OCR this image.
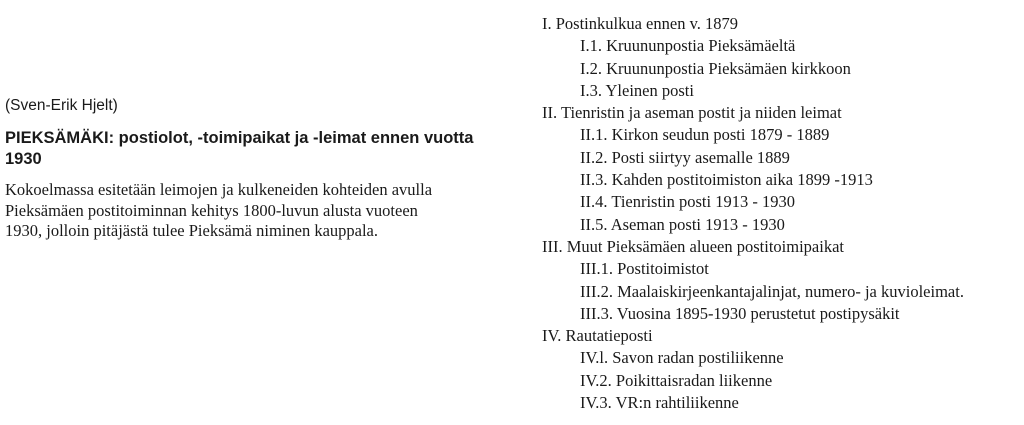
(Sven-Erik Hjelt)

PIEKSÄMÄKI: postiolot, -toimipaikat ja -leimat ennen vuotta 1930

Kokoelmassa esitetään leimojen ja kulkeneiden kohteiden avulla Pieksämäen postitoiminnan kehitys 1800-luvun alusta vuoteen 1930, jolloin pitäjästä tulee Pieksämä niminen kauppala.

I. Postinkulkua ennen v. 1879
I.1. Kruununpostia Pieksämäeltä
I.2. Kruununpostia Pieksämäen kirkkoon
I.3. Yleinen posti
II. Tienristin ja aseman postit ja niiden leimat
II.1. Kirkon seudun posti 1879 - 1889
II.2. Posti siirtyy asemalle 1889
II.3. Kahden postitoimiston aika 1899 -1913
II.4. Tienristin posti 1913 - 1930
II.5. Aseman posti 1913 - 1930
III. Muut Pieksämäen alueen postitoimipaikat
III.1. Postitoimistot
III.2. Maalaiskirjeenkantajalinjat, numero- ja kuvioleimat.
III.3. Vuosina 1895-1930 perustetut postipysäkit
IV. Rautatieposti
IV.l. Savon radan postiliikenne
IV.2. Poikittaisradan liikenne
IV.3. VR:n rahtiliikenne
